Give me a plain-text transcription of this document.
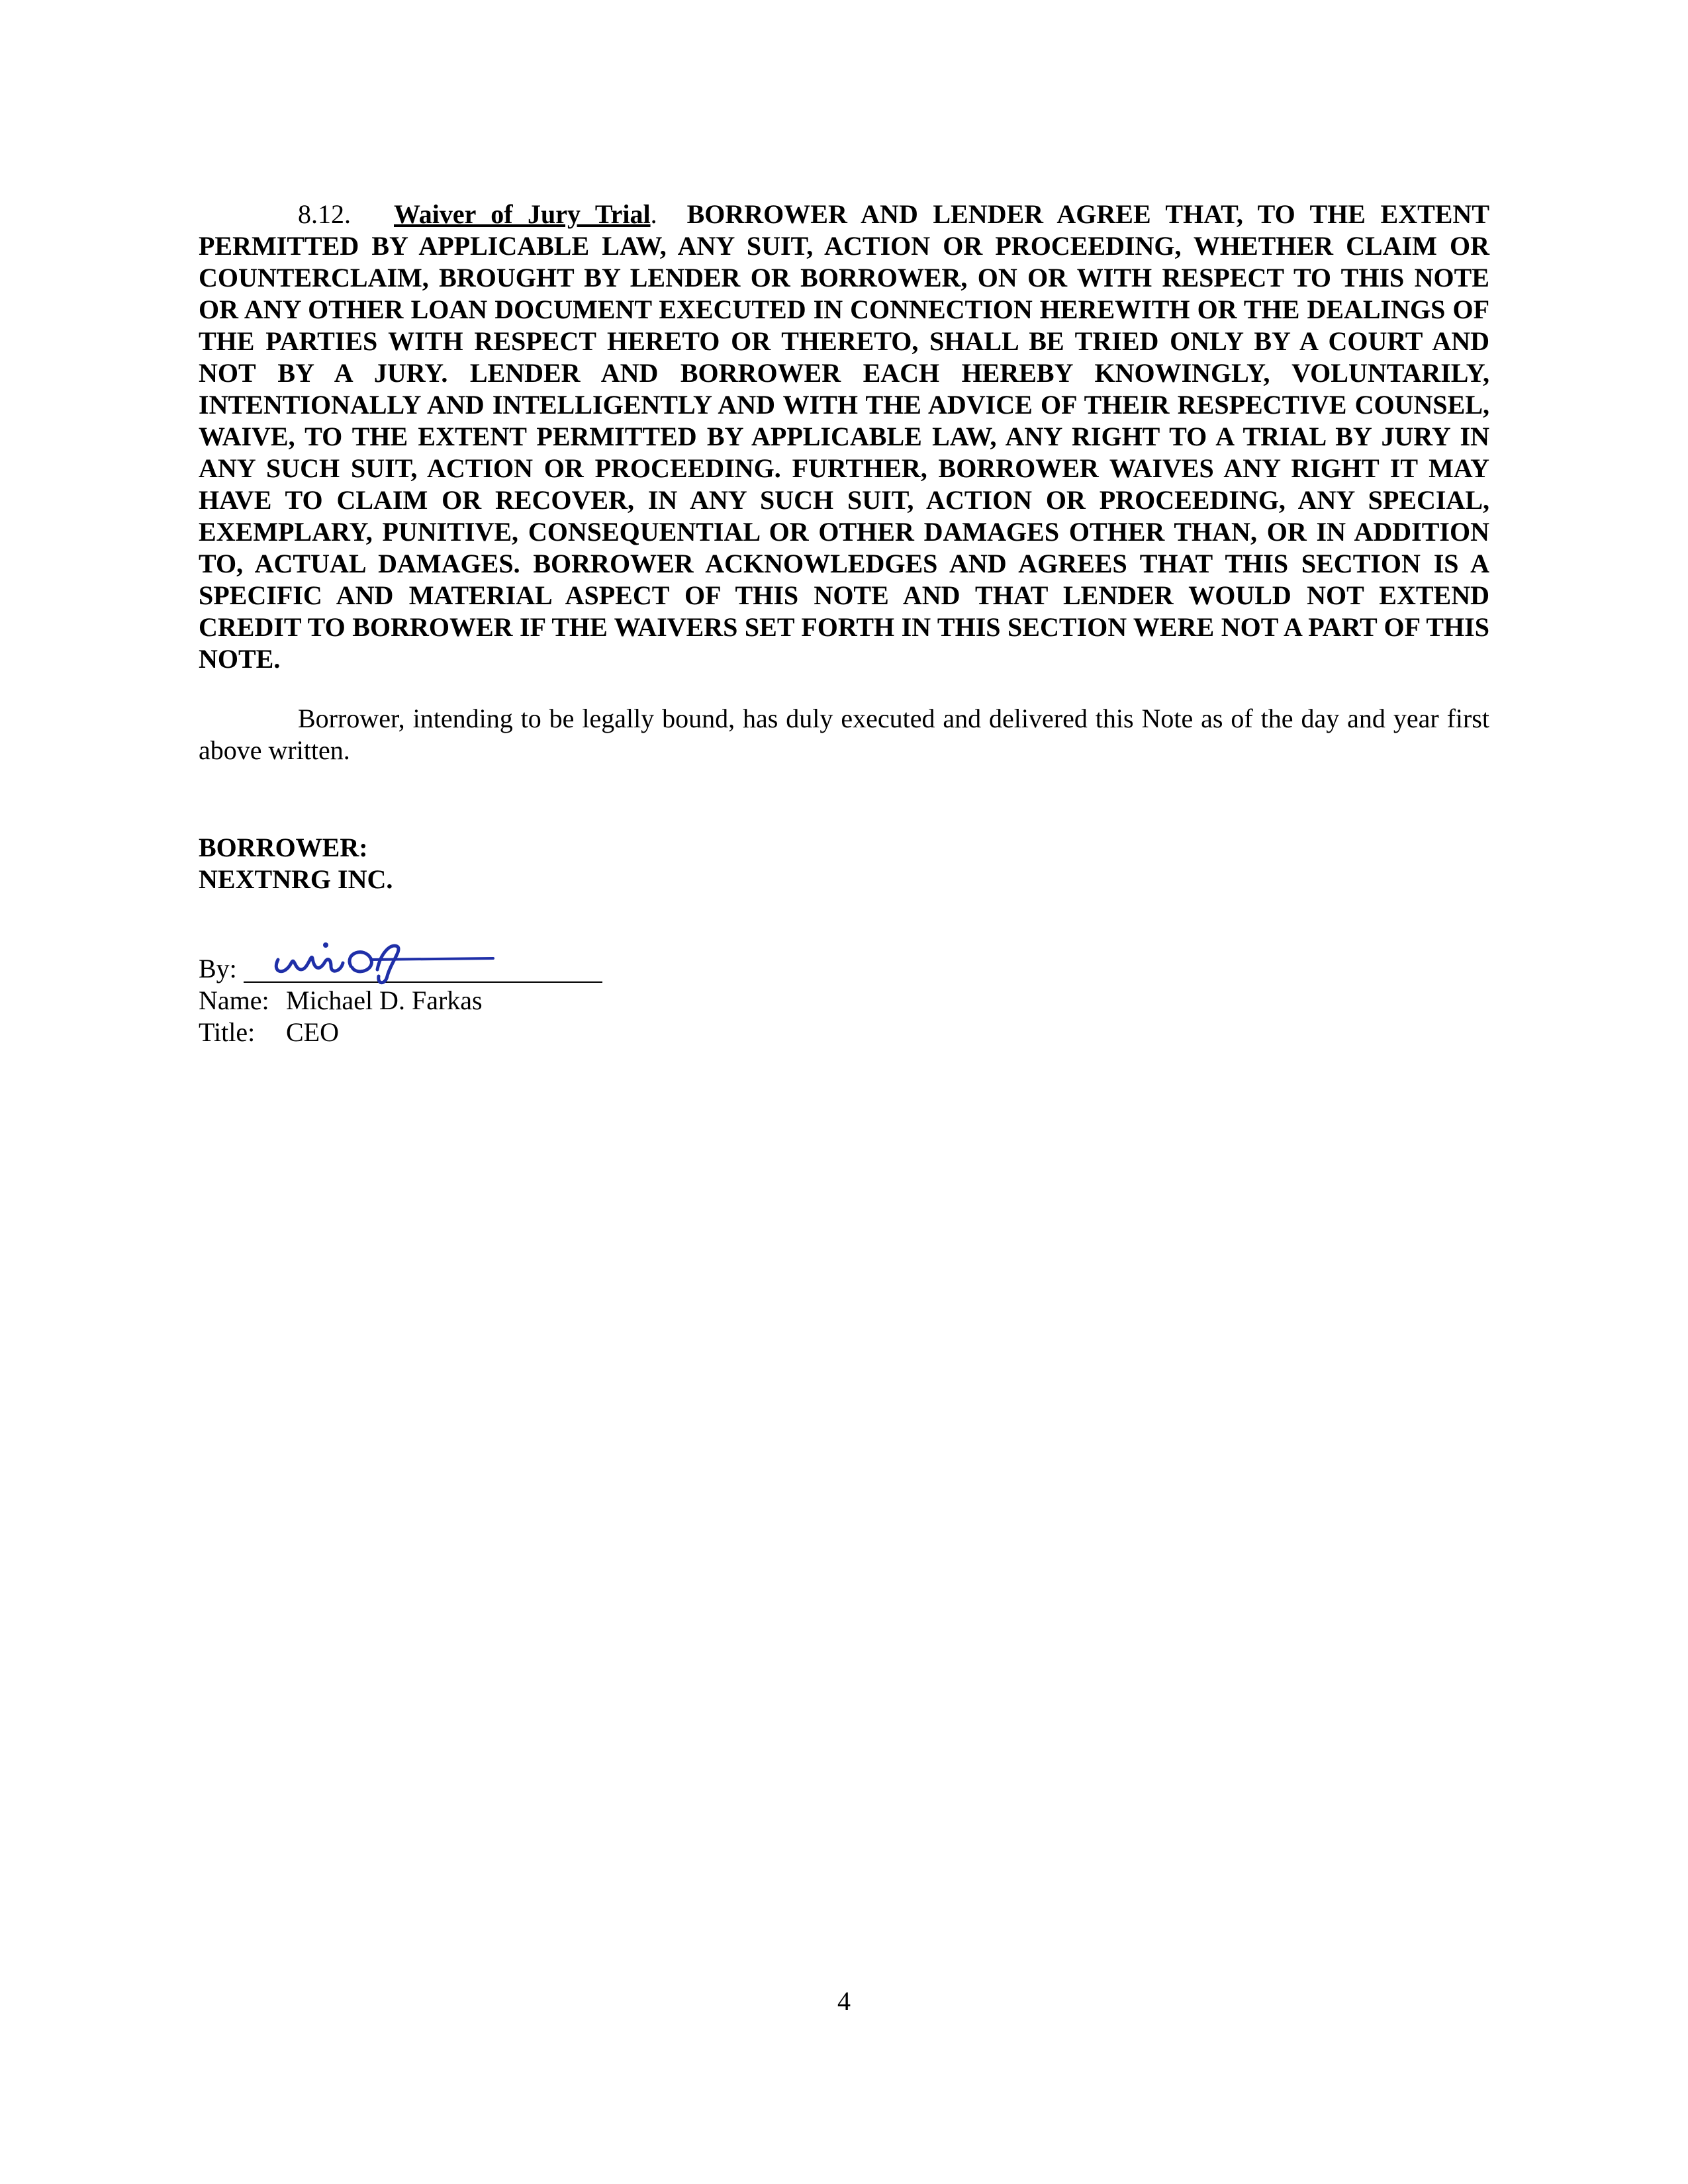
8.12. Waiver of Jury Trial. BORROWER AND LENDER AGREE THAT, TO THE EXTENT PERMITTED BY APPLICABLE LAW, ANY SUIT, ACTION OR PROCEEDING, WHETHER CLAIM OR COUNTERCLAIM, BROUGHT BY LENDER OR BORROWER, ON OR WITH RESPECT TO THIS NOTE OR ANY OTHER LOAN DOCUMENT EXECUTED IN CONNECTION HEREWITH OR THE DEALINGS OF THE PARTIES WITH RESPECT HERETO OR THERETO, SHALL BE TRIED ONLY BY A COURT AND NOT BY A JURY. LENDER AND BORROWER EACH HEREBY KNOWINGLY, VOLUNTARILY, INTENTIONALLY AND INTELLIGENTLY AND WITH THE ADVICE OF THEIR RESPECTIVE COUNSEL, WAIVE, TO THE EXTENT PERMITTED BY APPLICABLE LAW, ANY RIGHT TO A TRIAL BY JURY IN ANY SUCH SUIT, ACTION OR PROCEEDING. FURTHER, BORROWER WAIVES ANY RIGHT IT MAY HAVE TO CLAIM OR RECOVER, IN ANY SUCH SUIT, ACTION OR PROCEEDING, ANY SPECIAL, EXEMPLARY, PUNITIVE, CONSEQUENTIAL OR OTHER DAMAGES OTHER THAN, OR IN ADDITION TO, ACTUAL DAMAGES. BORROWER ACKNOWLEDGES AND AGREES THAT THIS SECTION IS A SPECIFIC AND MATERIAL ASPECT OF THIS NOTE AND THAT LENDER WOULD NOT EXTEND CREDIT TO BORROWER IF THE WAIVERS SET FORTH IN THIS SECTION WERE NOT A PART OF THIS NOTE.
Borrower, intending to be legally bound, has duly executed and delivered this Note as of the day and year first above written.
BORROWER:
NEXTNRG INC.
By:
Name: Michael D. Farkas
Title: CEO
4
